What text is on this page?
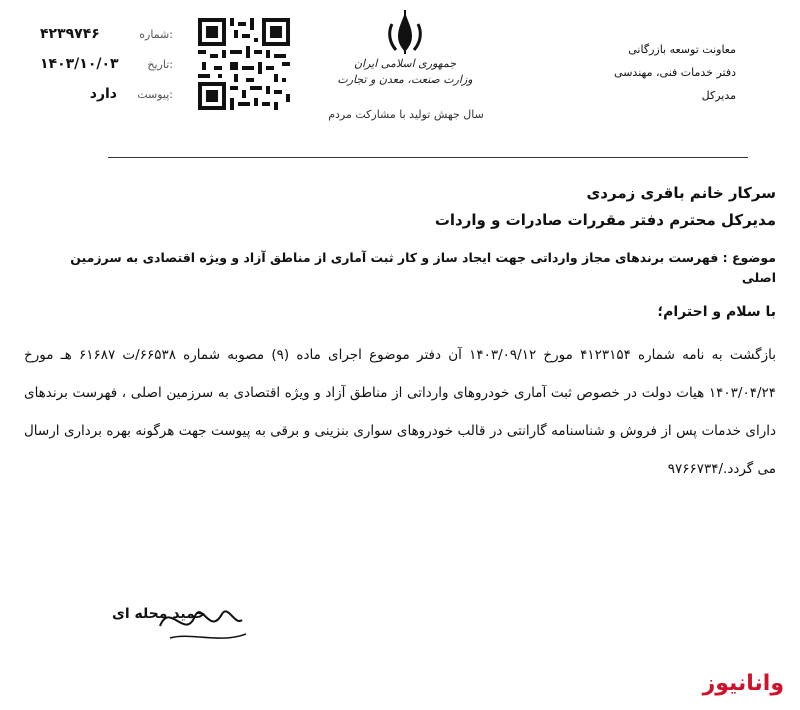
۴۲۳۹۷۴۶	شماره:
۱۴۰۳/۱۰/۰۳	تاریخ:
دارد پیوست:
جمهوری اسلامی ایران
وزارت صنعت، معدن و تجارت
سال جهش تولید با مشارکت مردم
معاونت توسعه بازرگانی
دفتر خدمات فنی، مهندسی
مدیرکل
سرکار خانم باقری زمردی
مدیرکل محترم دفتر مقررات صادرات و واردات
موضوع : فهرست برندهای مجاز وارداتی جهت ایجاد ساز و کار ثبت آماری از مناطق آزاد و ویژه اقتصادی به سرزمین اصلی
با سلام و احترام؛
بازگشت به نامه شماره ۴۱۲۳۱۵۴ مورخ ۱۴۰۳/۰۹/۱۲ آن دفتر موضوع اجرای ماده (۹) مصوبه شماره ۶۶۵۳۸/ت ۶۱۶۸۷ هـ مورخ ۱۴۰۳/۰۴/۲۴ هیات دولت در خصوص ثبت آماری خودروهای وارداتی از مناطق آزاد و ویژه اقتصادی به سرزمین اصلی ، فهرست برندهای دارای خدمات پس از فروش و شناسنامه گارانتی در قالب خودروهای سواری بنزینی و برقی به پیوست جهت هرگونه بهره برداری ارسال می گردد./۹۷۶۶۷۳۴
حمید محله ای
وانانیوز
